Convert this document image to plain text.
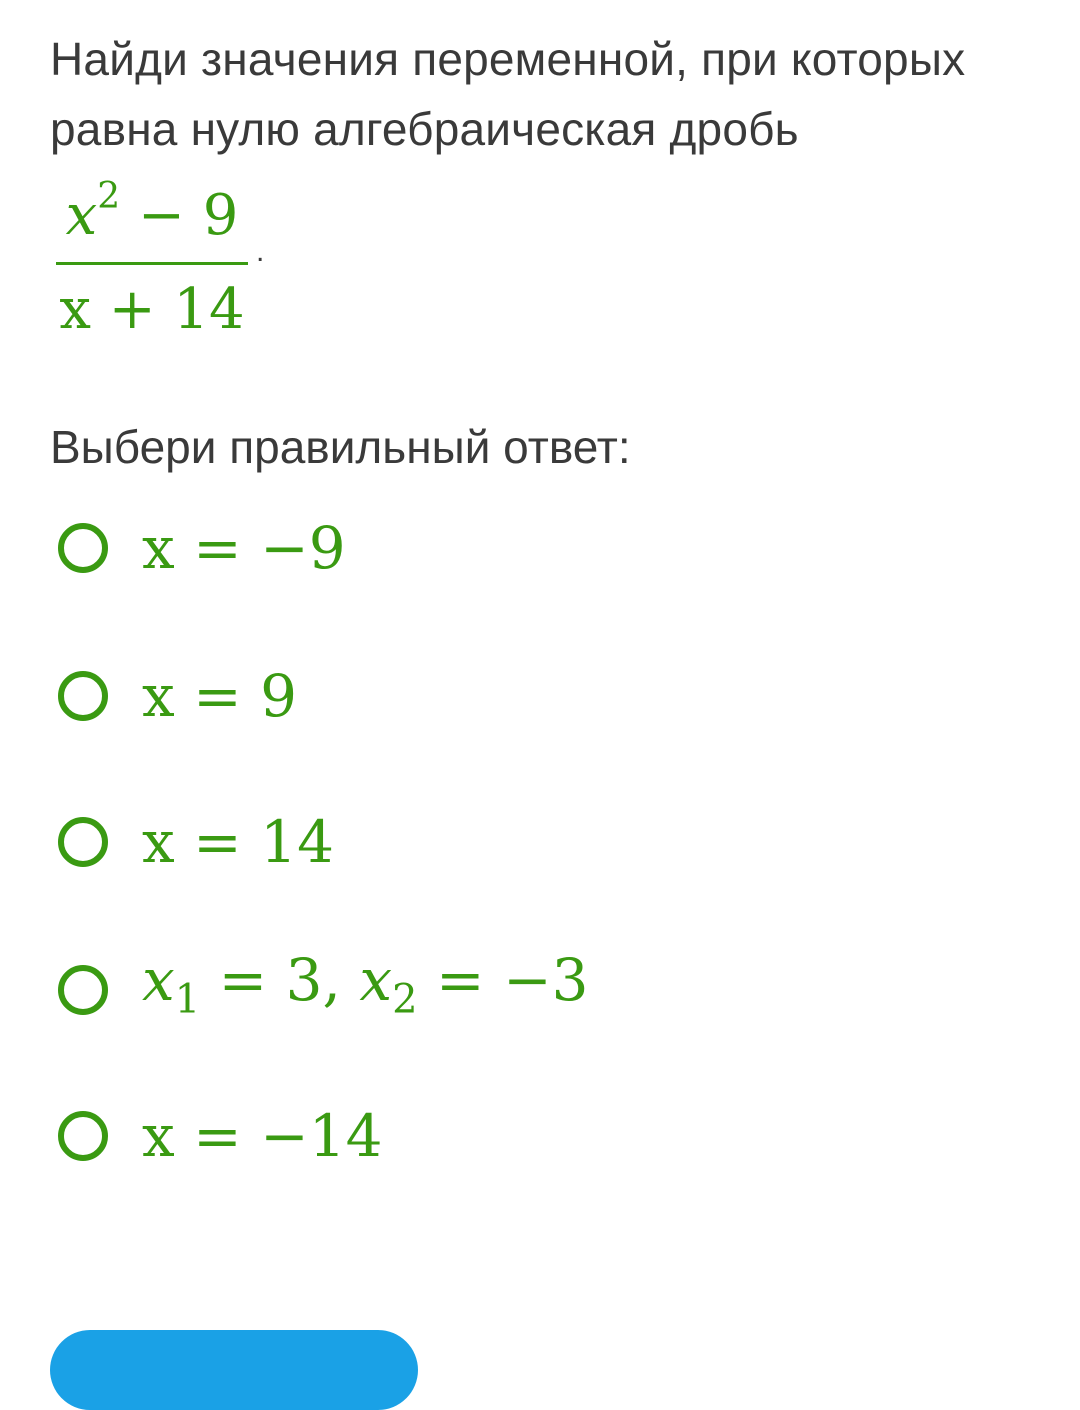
Найди значения переменной, при которых равна нулю алгебраическая дробь

$x^2 - 9$
x + 14
.

Выбери правильный ответ:

x = −9
x = 9
x = 14
$x_1 = 3$, $x_2 = -3$
x = −14
